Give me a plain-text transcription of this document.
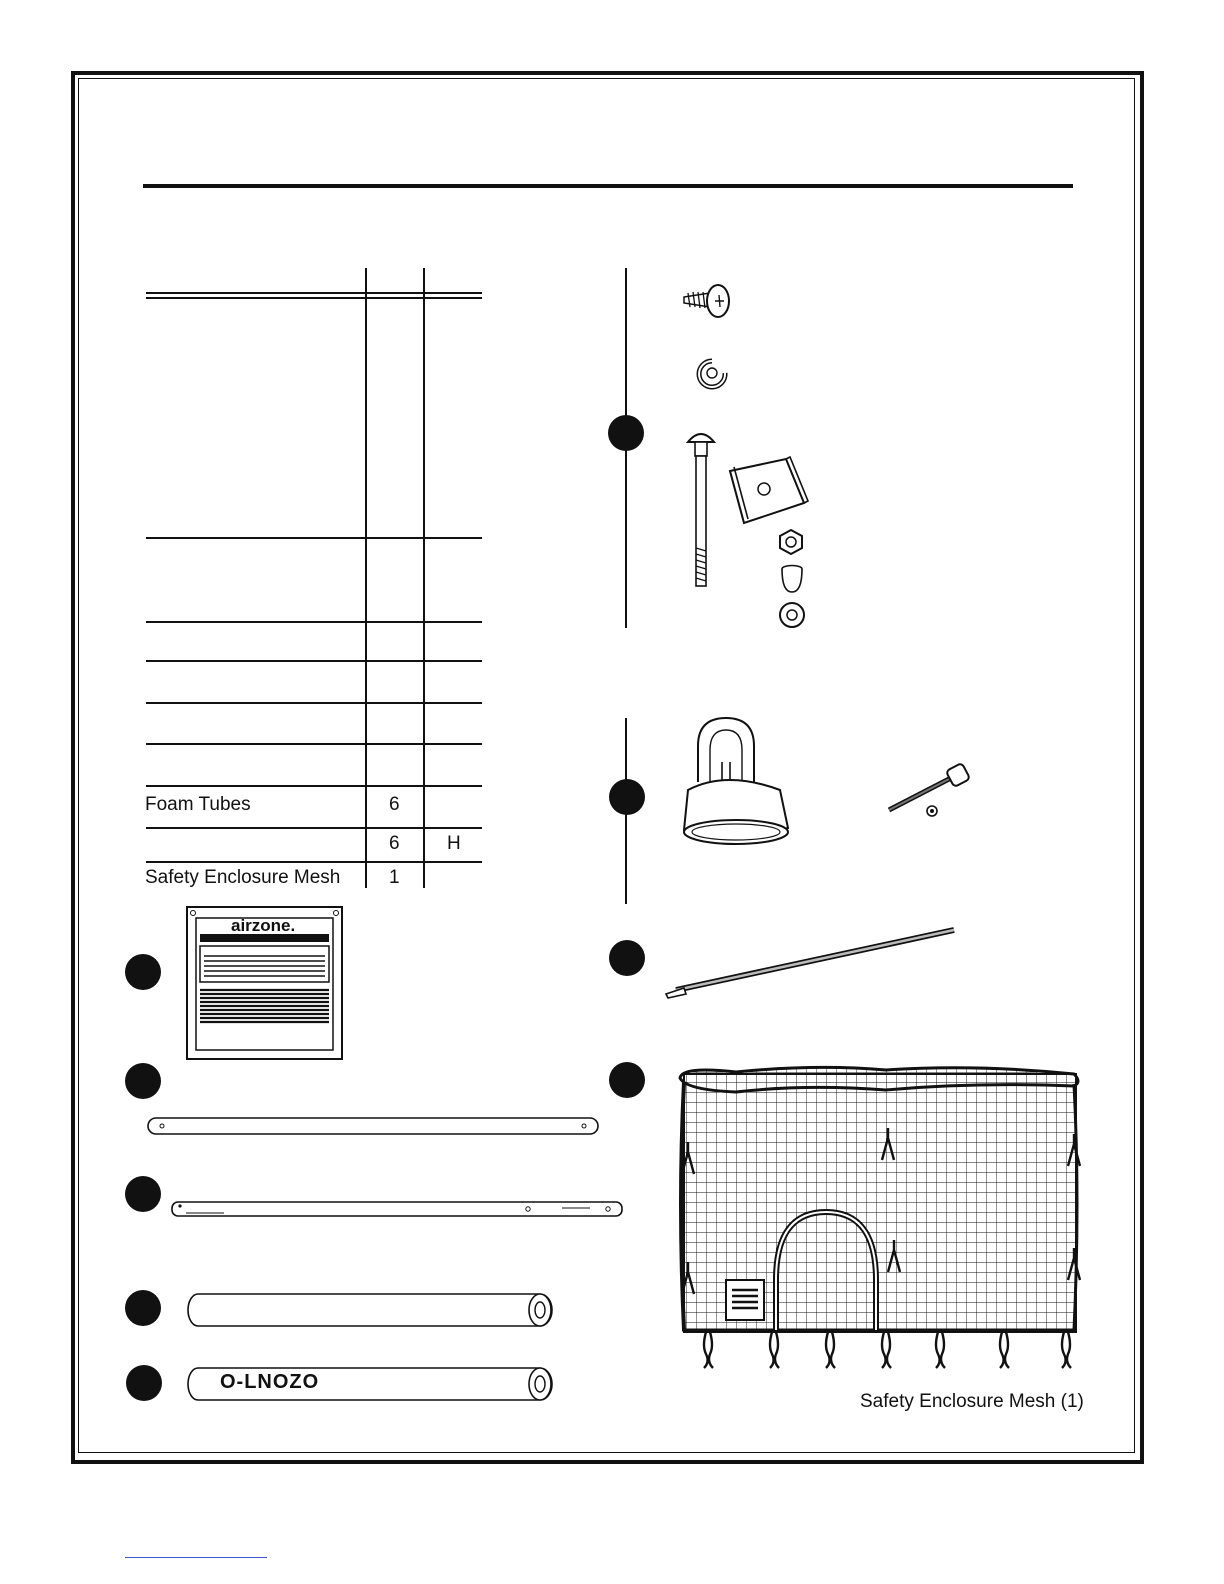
Foam Tubes	6
6 H
Safety Enclosure Mesh	1
airzone.
O-LNOZO
Safety Enclosure Mesh (1)
